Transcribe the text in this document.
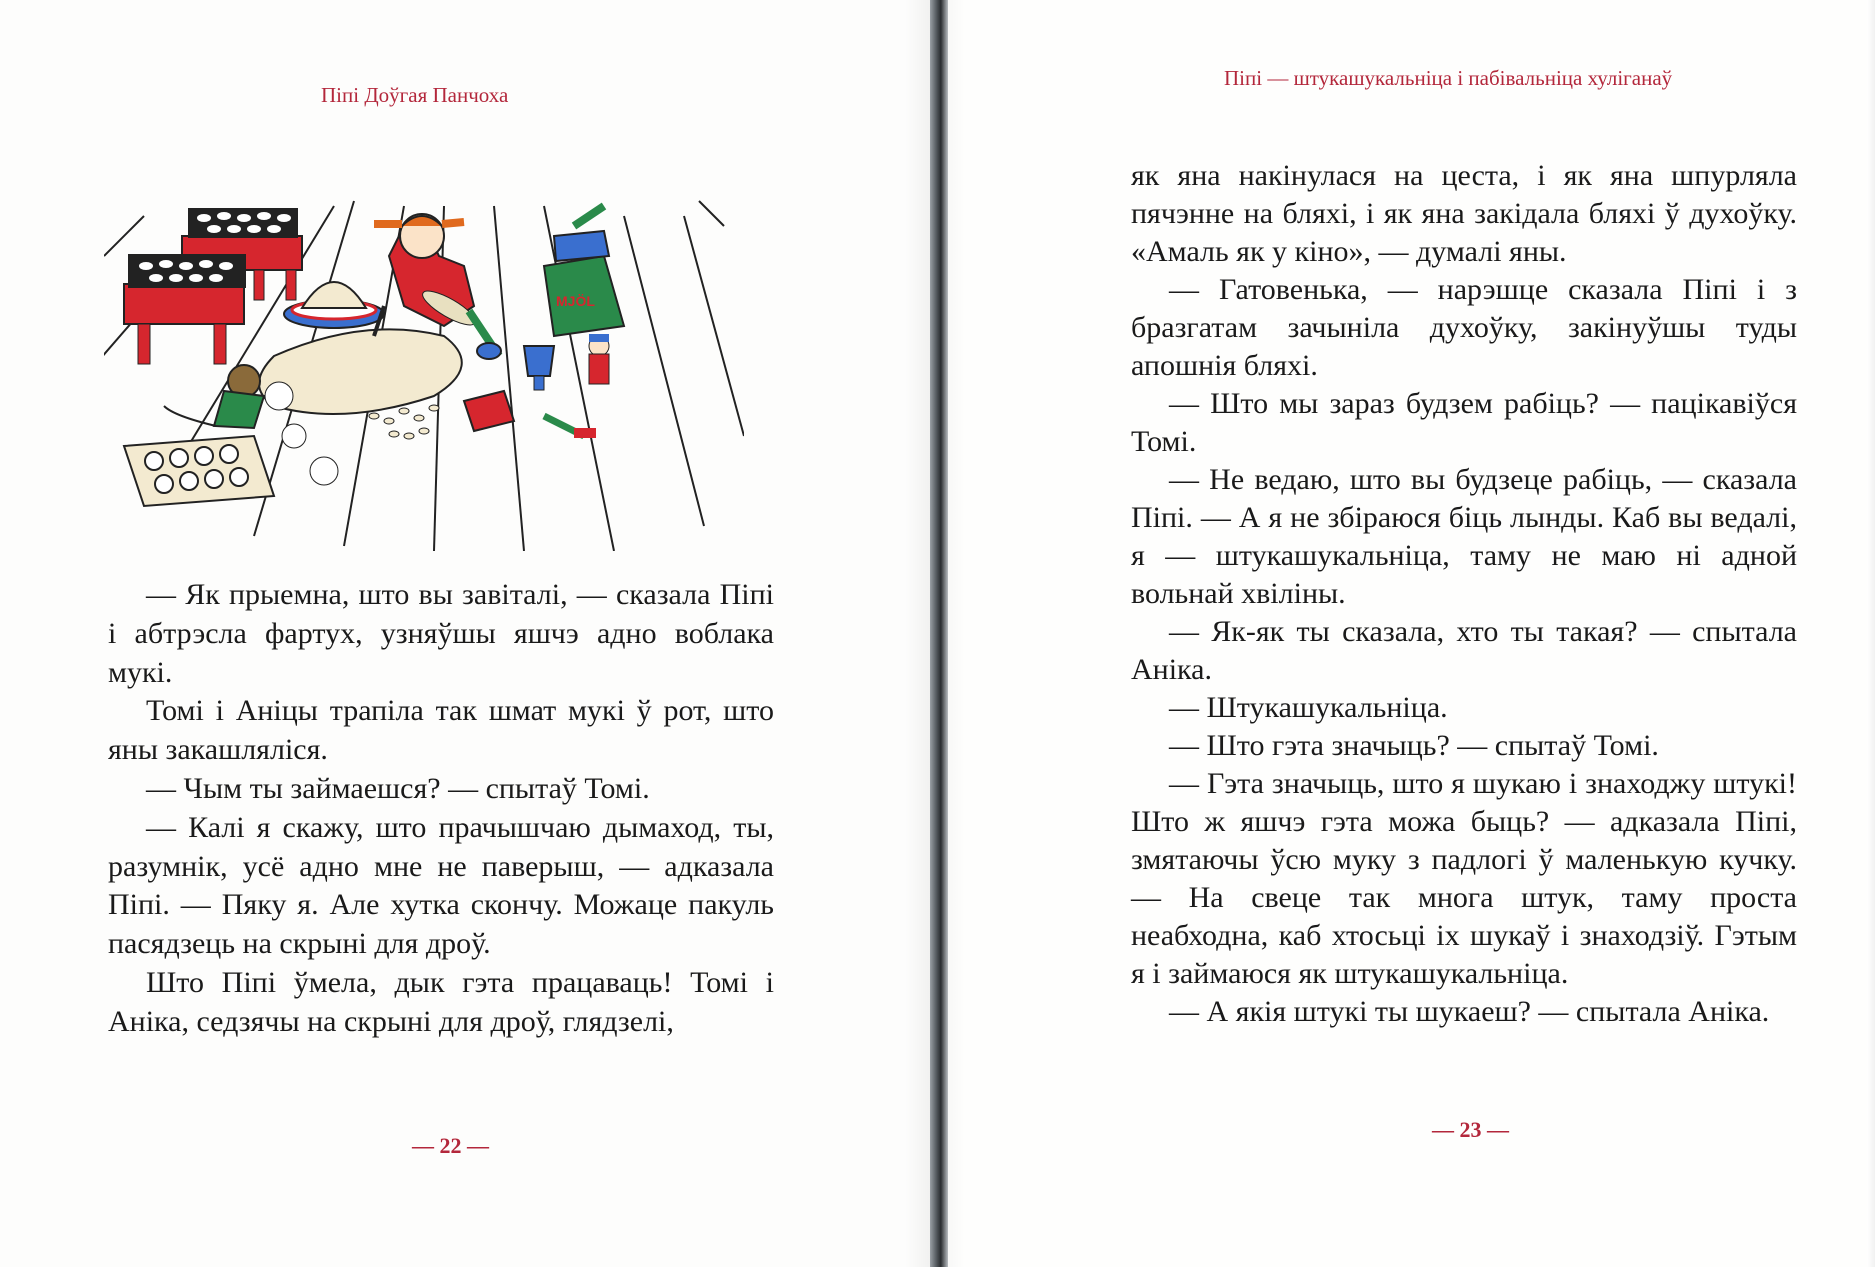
Піпі Доўгая Панчоха
MJÖL

— Як прыемна, што вы завіталі, — сказала Піпі і абтрэсла фартух, узняўшы яшчэ адно воблака мукі.

Томі і Аніцы трапіла так шмат мукі ў рот, што яны закашляліся.

— Чым ты займаешся? — спытаў Томі.

— Калі я скажу, што прачышчаю дымаход, ты, разумнік, усё адно мне не паверыш, — адказала Піпі. — Пяку я. Але хутка скончу. Можаце пакуль пасядзець на скрыні для дроў.

Што Піпі ўмела, дык гэта працаваць! Томі і Аніка, седзячы на скрыні для дроў, глядзелі,

— 22 —
Піпі — штукашукальніца і пабівальніца хуліганаў

як яна накінулася на цеста, і як яна шпурляла пячэнне на бляхі, і як яна закідала бляхі ў духоўку. «Амаль як у кіно», — думалі яны.

— Гатовенька, — нарэшце сказала Піпі і з бразгатам зачыніла духоўку, закінуўшы туды апошнія бляхі.

— Што мы зараз будзем рабіць? — пацікавіўся Томі.

— Не ведаю, што вы будзеце рабіць, — сказала Піпі. — А я не збіраюся біць лынды. Каб вы ведалі, я — штукашукальніца, таму не маю ні адной вольнай хвіліны.

— Як-як ты сказала, хто ты такая? — спытала Аніка.

— Штукашукальніца.

— Што гэта значыць? — спытаў Томі.

— Гэта значыць, што я шукаю і знаходжу штукі! Што ж яшчэ гэта можа быць? — адказала Піпі, змятаючы ўсю муку з падлогі ў маленькую кучку. — На свеце так многа штук, таму проста неабходна, каб хтосьці іх шукаў і знаходзіў. Гэтым я і займаюся як штукашукальніца.

— А якія штукі ты шукаеш? — спытала Аніка.

— 23 —
